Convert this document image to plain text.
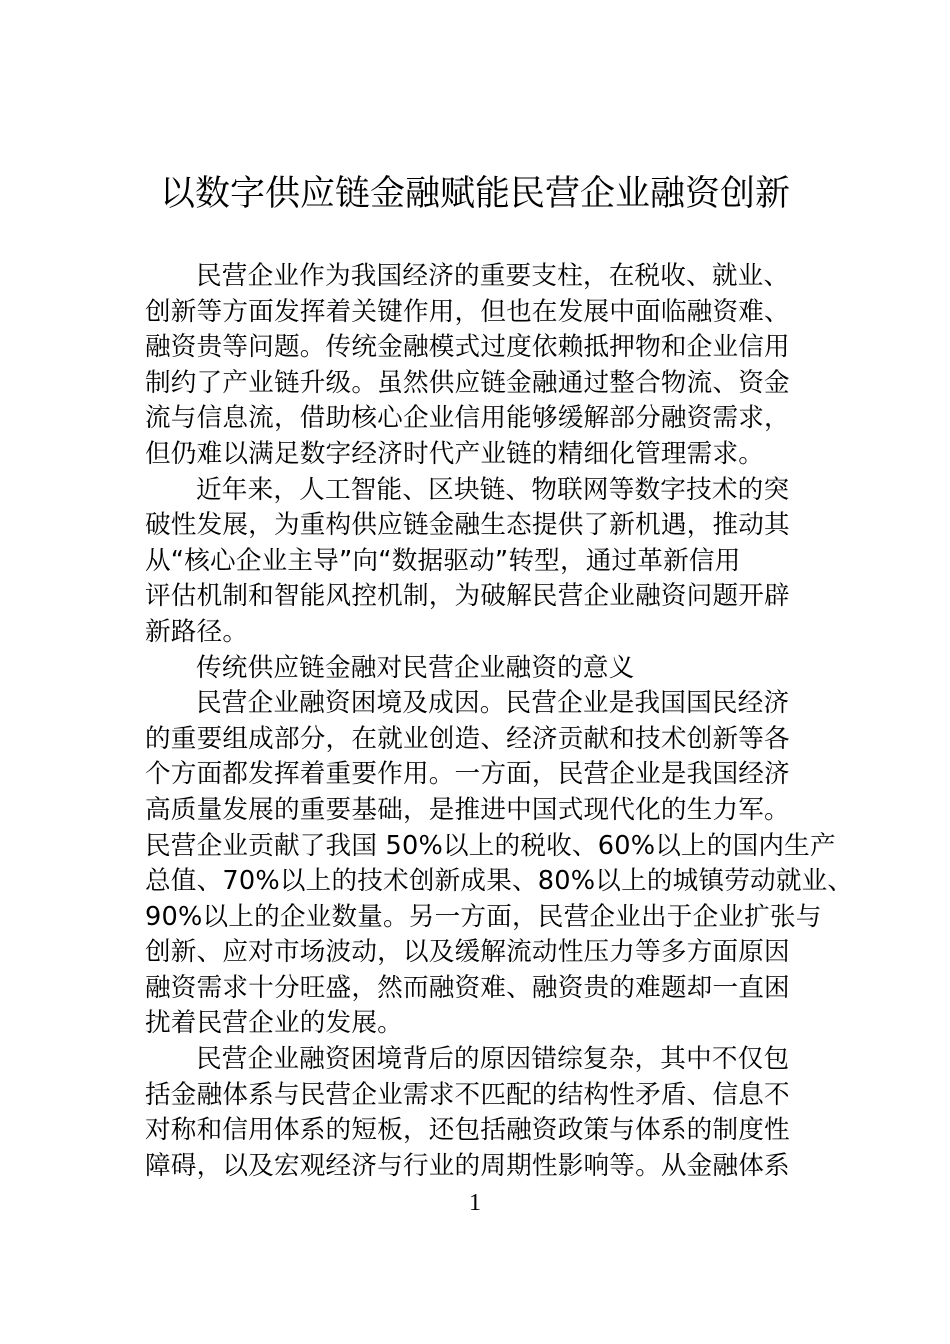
以数字供应链金融赋能民营企业融资创新
民营企业作为我国经济的重要支柱，在税收、就业、
创新等方面发挥着关键作用，但也在发展中面临融资难、
融资贵等问题。传统金融模式过度依赖抵押物和企业信用
制约了产业链升级。虽然供应链金融通过整合物流、资金
流与信息流，借助核心企业信用能够缓解部分融资需求，
但仍难以满足数字经济时代产业链的精细化管理需求。
近年来，人工智能、区块链、物联网等数字技术的突
破性发展，为重构供应链金融生态提供了新机遇，推动其
从“核心企业主导”向“数据驱动”转型，通过革新信用
评估机制和智能风控机制，为破解民营企业融资问题开辟
新路径。
传统供应链金融对民营企业融资的意义
民营企业融资困境及成因。民营企业是我国国民经济
的重要组成部分，在就业创造、经济贡献和技术创新等各
个方面都发挥着重要作用。一方面，民营企业是我国经济
高质量发展的重要基础，是推进中国式现代化的生力军。
民营企业贡献了我国 50%以上的税收、60%以上的国内生产
总值、70%以上的技术创新成果、80%以上的城镇劳动就业、
90%以上的企业数量。另一方面，民营企业出于企业扩张与
创新、应对市场波动，以及缓解流动性压力等多方面原因
融资需求十分旺盛，然而融资难、融资贵的难题却一直困
扰着民营企业的发展。
民营企业融资困境背后的原因错综复杂，其中不仅包
括金融体系与民营企业需求不匹配的结构性矛盾、信息不
对称和信用体系的短板，还包括融资政策与体系的制度性
障碍，以及宏观经济与行业的周期性影响等。从金融体系
1
